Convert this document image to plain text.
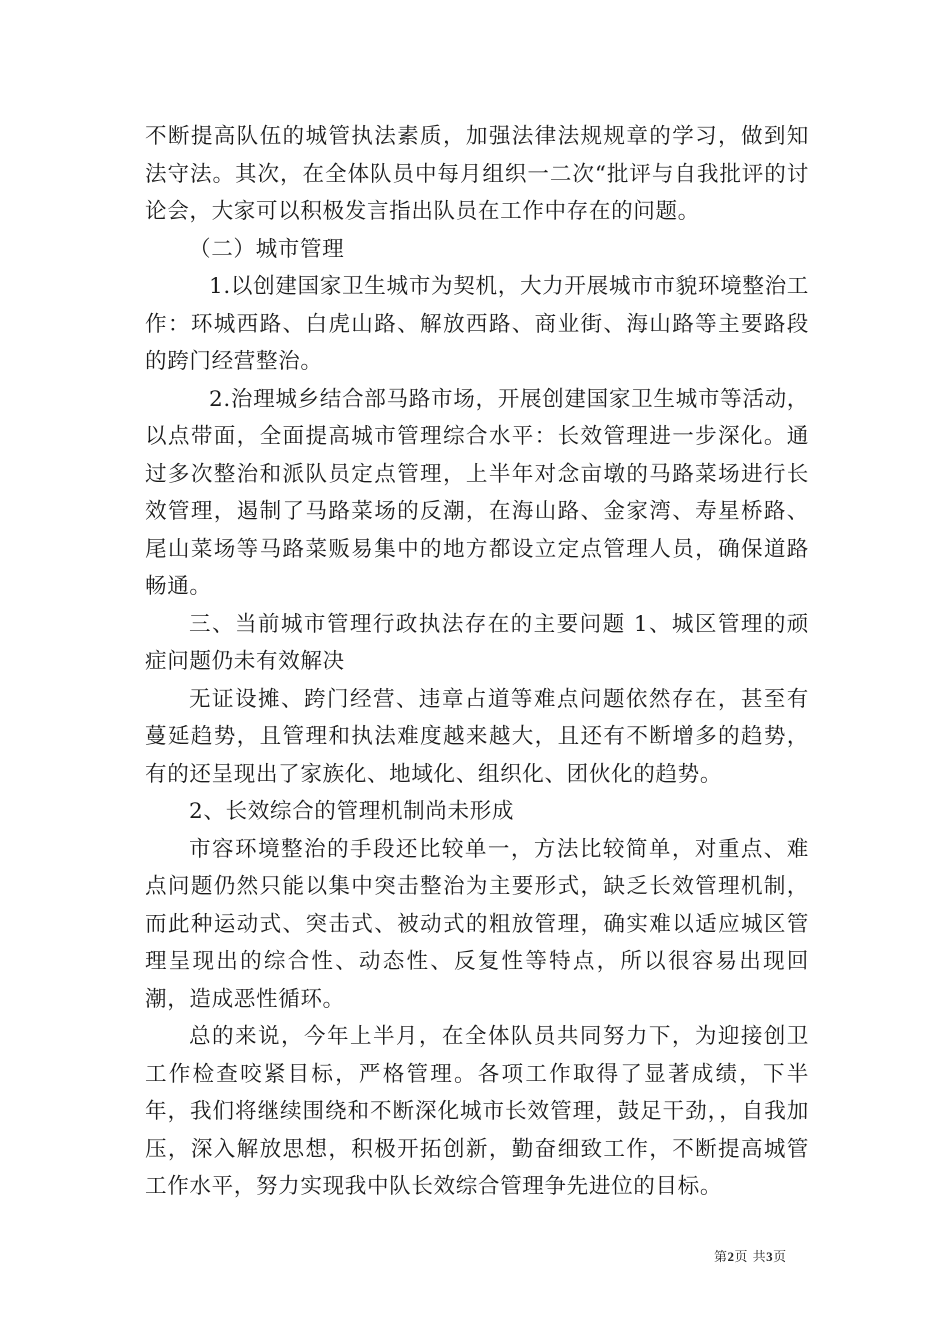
不断提高队伍的城管执法素质，加强法律法规规章的学习，做到知法守法。其次，在全体队员中每月组织一二次“批评与自我批评的讨论会，大家可以积极发言指出队员在工作中存在的问题。

（二）城市管理

1.以创建国家卫生城市为契机，大力开展城市市貌环境整治工作：环城西路、白虎山路、解放西路、商业街、海山路等主要路段的跨门经营整治。

2.治理城乡结合部马路市场，开展创建国家卫生城市等活动，以点带面，全面提高城市管理综合水平：长效管理进一步深化。通过多次整治和派队员定点管理，上半年对念亩墩的马路菜场进行长效管理，遏制了马路菜场的反潮，在海山路、金家湾、寿星桥路、尾山菜场等马路菜贩易集中的地方都设立定点管理人员，确保道路畅通。

三、当前城市管理行政执法存在的主要问题 1、城区管理的顽症问题仍未有效解决

无证设摊、跨门经营、违章占道等难点问题依然存在，甚至有蔓延趋势，且管理和执法难度越来越大，且还有不断增多的趋势，有的还呈现出了家族化、地域化、组织化、团伙化的趋势。

2、长效综合的管理机制尚未形成

市容环境整治的手段还比较单一，方法比较简单，对重点、难点问题仍然只能以集中突击整治为主要形式，缺乏长效管理机制，而此种运动式、突击式、被动式的粗放管理，确实难以适应城区管理呈现出的综合性、动态性、反复性等特点，所以很容易出现回潮，造成恶性循环。

总的来说，今年上半月，在全体队员共同努力下，为迎接创卫工作检查咬紧目标，严格管理。各项工作取得了显著成绩，下半年，我们将继续围绕和不断深化城市长效管理，鼓足干劲，，自我加压，深入解放思想，积极开拓创新，勤奋细致工作，不断提高城管工作水平，努力实现我中队长效综合管理争先进位的目标。

第2页 共3页
